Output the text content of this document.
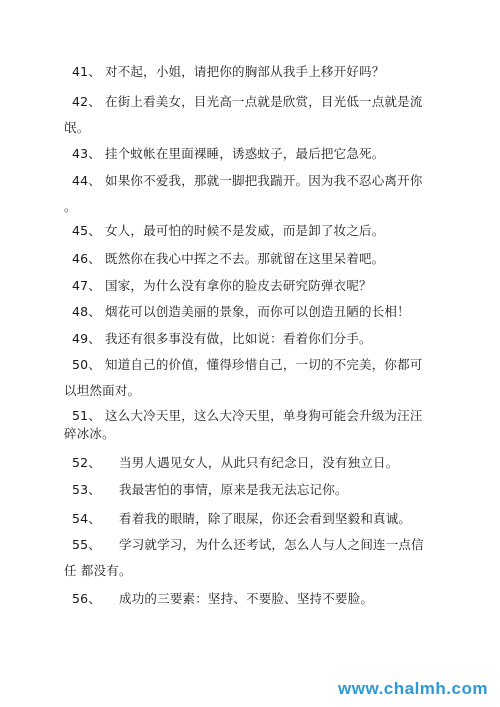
41、 对不起，小姐，请把你的胸部从我手上移开好吗？
42、 在街上看美女，目光高一点就是欣赏，目光低一点就是流
氓。
43、 挂个蚊帐在里面裸睡，诱惑蚊子，最后把它急死。
44、 如果你不爱我，那就一脚把我踹开。因为我不忍心离开你
。
45、 女人，最可怕的时候不是发威，而是卸了妆之后。
46、 既然你在我心中挥之不去。那就留在这里呆着吧。
47、 国家，为什么没有拿你的脸皮去研究防弹衣呢？
48、 烟花可以创造美丽的景象，而你可以创造丑陋的长相！
49、 我还有很多事没有做，比如说：看着你们分手。
50、 知道自己的价值，懂得珍惜自己，一切的不完美，你都可
以坦然面对。
51、 这么大冷天里，这么大冷天里，单身狗可能会升级为汪汪
碎冰冰。
52、 当男人遇见女人，从此只有纪念日，没有独立日。
53、 我最害怕的事情，原来是我无法忘记你。
54、 看着我的眼睛，除了眼屎，你还会看到坚毅和真诚。
55、 学习就学习，为什么还考试，怎么人与人之间连一点信
任 都没有。
56、 成功的三要素：坚持、不要脸、坚持不要脸。
www.chalmh.com
